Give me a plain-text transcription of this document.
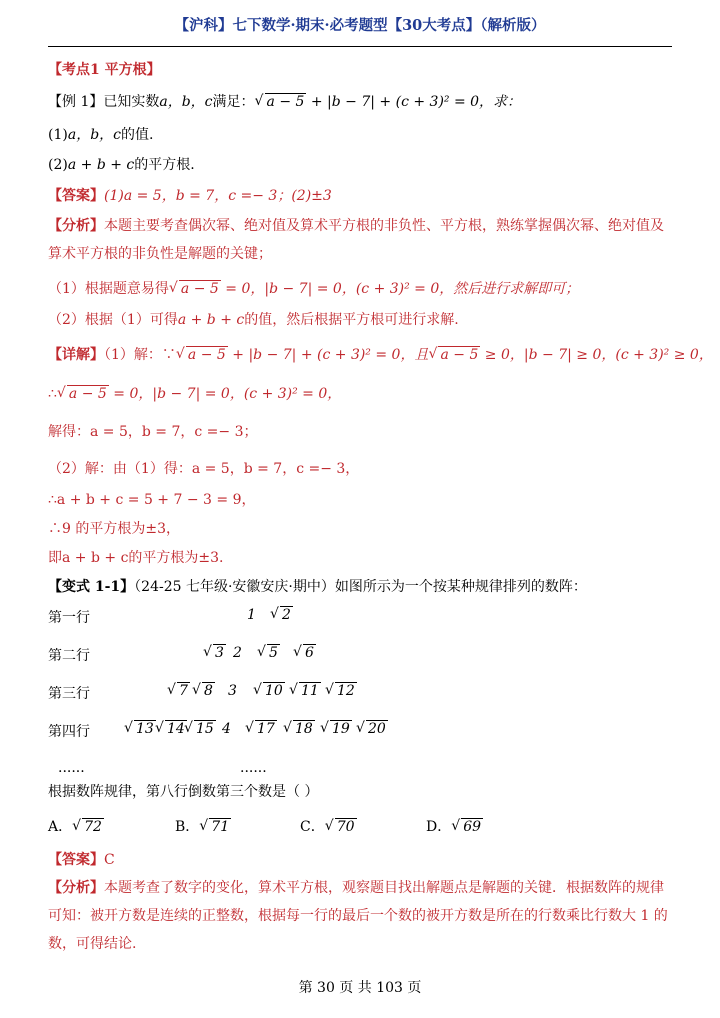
【沪科】七下数学·期末·必考题型【30大考点】（解析版）
【考点1 平方根】
【例 1】已知实数a，b，c满足： √ a − 5 + |b − 7| + (c + 3)² = 0，求：
(1)a，b，c的值.
(2)a + b + c的平方根.
【答案】(1)a = 5，b = 7，c =− 3；(2)±3
【分析】本题主要考查偶次幂、绝对值及算术平方根的非负性、平方根，熟练掌握偶次幂、绝对值及算术平方根的非负性是解题的关键；
（1）根据题意易得 √ a − 5 = 0，|b − 7| = 0，(c + 3)² = 0，然后进行求解即可；
（2）根据（1）可得a + b + c的值，然后根据平方根可进行求解.
【详解】（1）解：∵ √ a − 5 + |b − 7| + (c + 3)² = 0，且 √ a − 5 ≥ 0，|b − 7| ≥ 0，(c + 3)² ≥ 0，
∴ √ a − 5 = 0，|b − 7| = 0，(c + 3)² = 0，
解得：a = 5，b = 7，c =− 3；
（2）解：由（1）得：a = 5，b = 7，c =− 3，
∴a + b + c = 5 + 7 − 3 = 9，
∴9 的平方根为±3，
即a + b + c的平方根为±3.
【变式 1-1】（24-25 七年级·安徽安庆·期中）如图所示为一个按某种规律排列的数阵：
第一行	1	√ 2
第二行	√ 3 2	√ 5	√ 6
第三行	√ 7	√ 8 3	√ 10	√ 11	√ 12
第四行	√ 13 √ 14 √ 15 4	√ 17	√ 18	√ 19	√ 20
......	......
根据数阵规律，第八行倒数第三个数是（ ）
A． √ 72	B． √ 71	C． √ 70	D． √ 69
【答案】C
【分析】本题考查了数字的变化，算术平方根，观察题目找出解题点是解题的关键．根据数阵的规律可知：被开方数是连续的正整数，根据每一行的最后一个数的被开方数是所在的行数乘比行数大 1 的数，可得结论.
第 30 页 共 103 页
